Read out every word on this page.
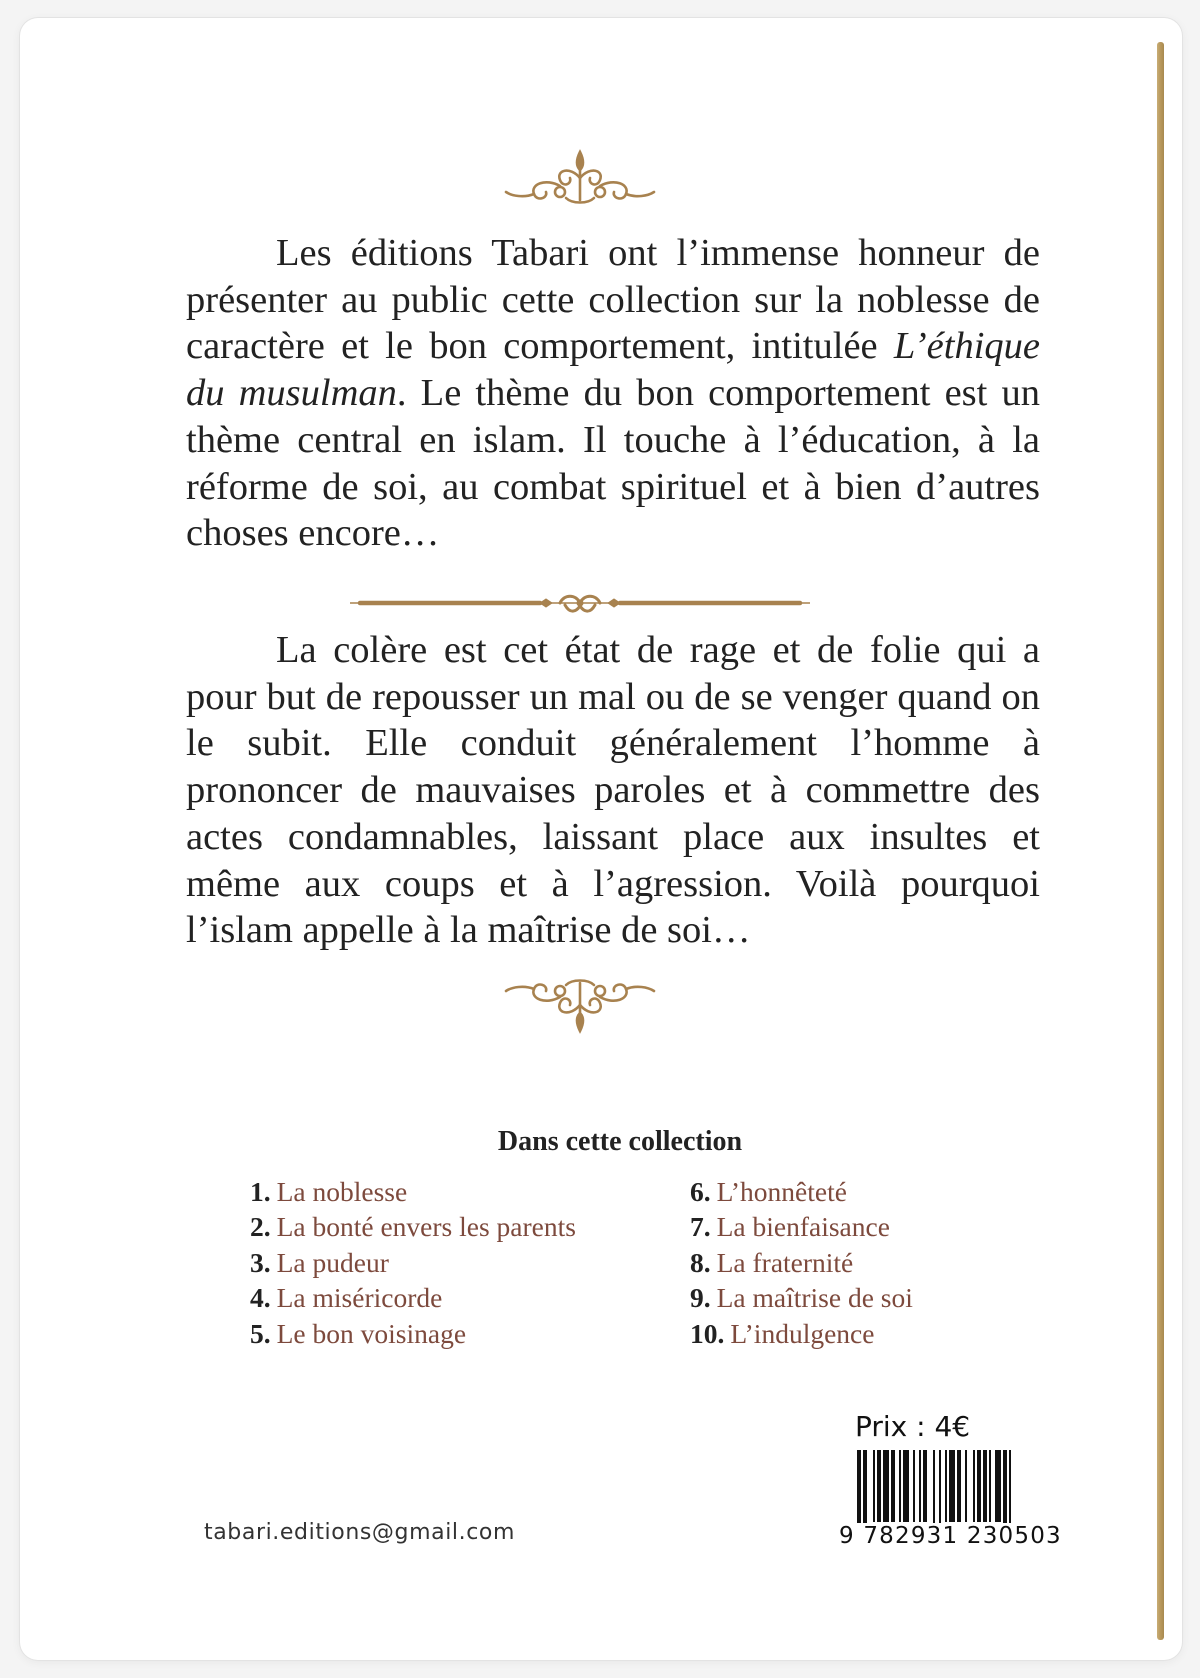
Les éditions Tabari ont l’immense honneur de présenter au public cette collection sur la noblesse de caractère et le bon comportement, intitulée L’éthique du musulman. Le thème du bon comportement est un thème central en islam. Il touche à l’éducation, à la réforme de soi, au combat spirituel et à bien d’autres choses encore…

La colère est cet état de rage et de folie qui a pour but de repousser un mal ou de se venger quand on le subit. Elle conduit généralement l’homme à prononcer de mauvaises paroles et à commettre des actes condamnables, laissant place aux insultes et même aux coups et à l’agression. Voilà pourquoi l’islam appelle à la maîtrise de soi…

Dans cette collection
1. La noblesse
2. La bonté envers les parents
3. La pudeur
4. La miséricorde
5. Le bon voisinage
6. L’honnêteté
7. La bienfaisance
8. La fraternité
9. La maîtrise de soi
10. L’indulgence
Prix : 4€
9 782931 230503
tabari.editions@gmail.com
